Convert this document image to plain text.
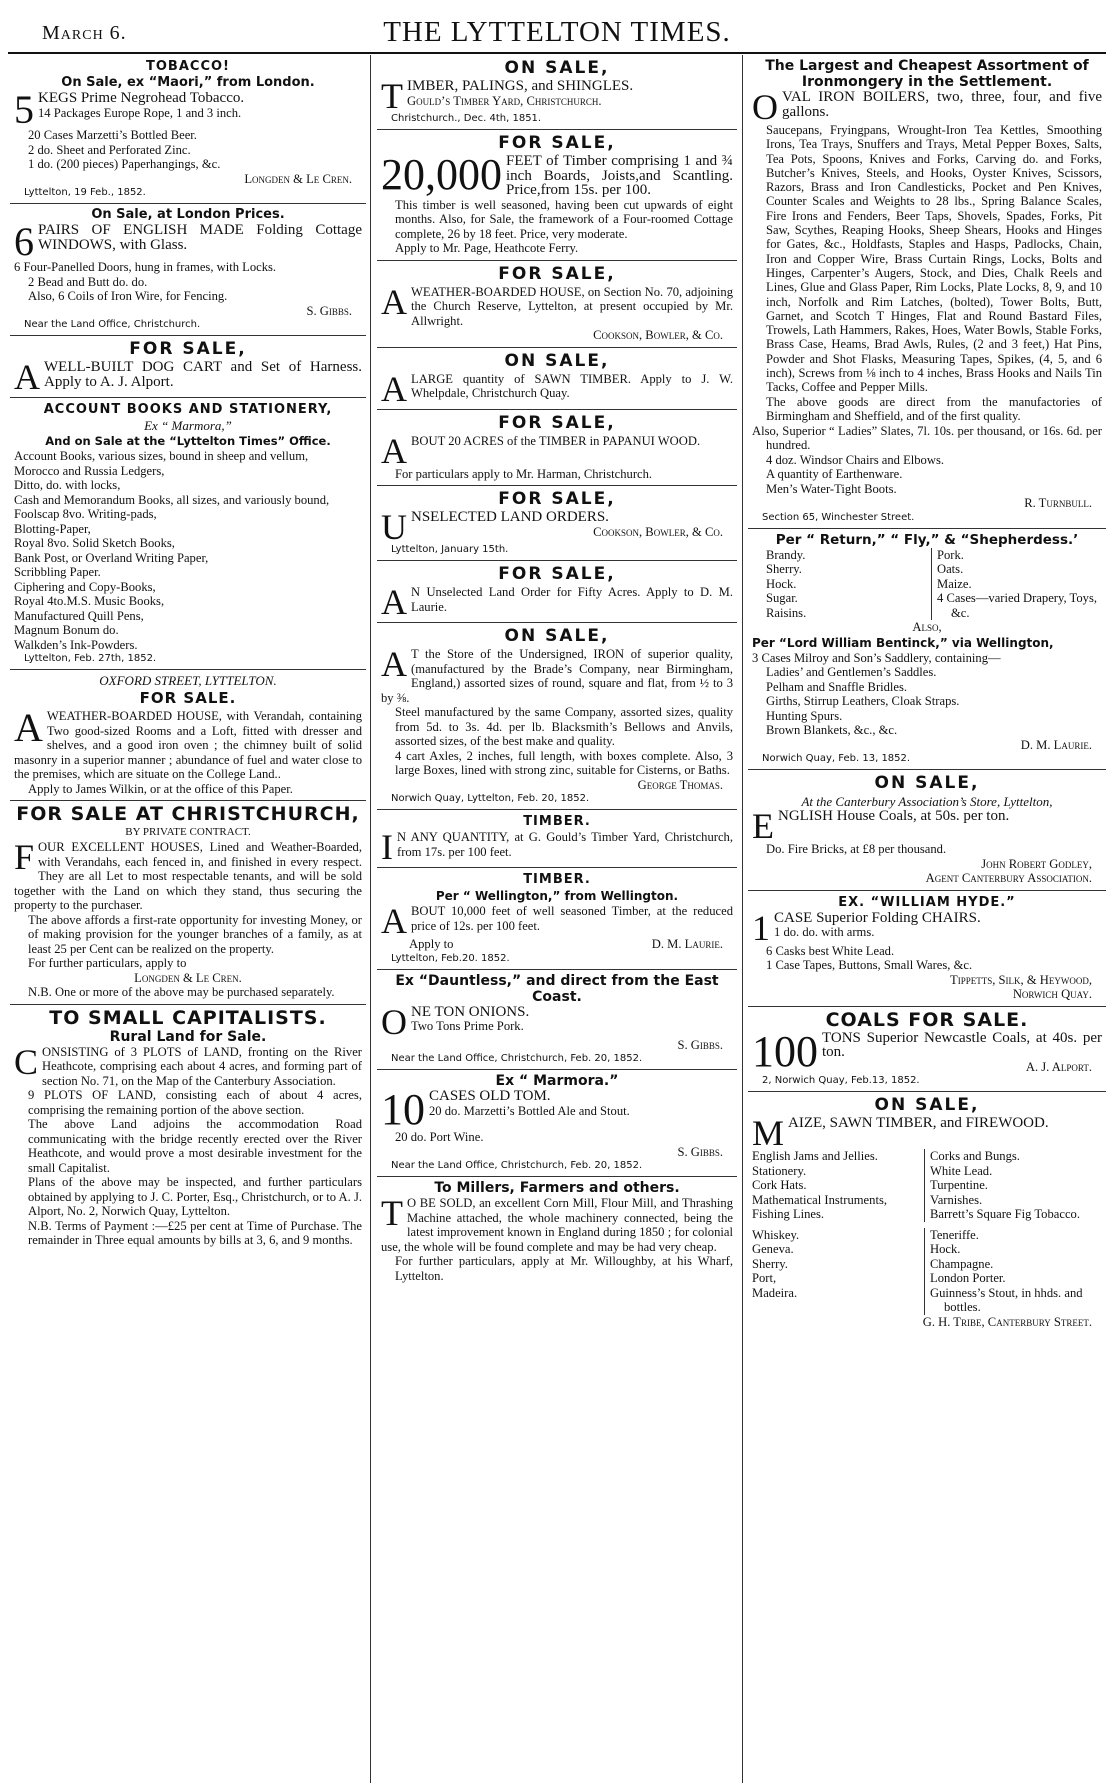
March 6.	THE LYTTELTON TIMES.
TOBACCO!
On Sale, ex “Maori,” from London.
5 KEGS Prime Negrohead Tobacco.
14 Packages Europe Rope, 1 and 3 inch.
20 Cases Marzetti’s Bottled Beer.
2 do. Sheet and Perforated Zinc.
1 do. (200 pieces) Paperhangings, &c.
Longden & Le Cren.
Lyttelton, 19 Feb., 1852.
On Sale, at London Prices.
6 PAIRS OF ENGLISH MADE Folding Cottage WINDOWS, with Glass.
6 Four-Panelled Doors, hung in frames, with Locks.
2 Bead and Butt do. do.
Also, 6 Coils of Iron Wire, for Fencing.
S. Gibbs.
Near the Land Office, Christchurch.
FOR SALE,
A WELL-BUILT DOG CART and Set of Harness. Apply to A. J. Alport.
ACCOUNT BOOKS AND STATIONERY,
Ex “ Marmora,”
And on Sale at the “Lyttelton Times” Office.
Account Books, various sizes, bound in sheep and vellum,
Morocco and Russia Ledgers,
Ditto, do. with locks,
Cash and Memorandum Books, all sizes, and variously bound,
Foolscap 8vo. Writing-pads,
Blotting-Paper,
Royal 8vo. Solid Sketch Books,
Bank Post, or Overland Writing Paper,
Scribbling Paper.
Ciphering and Copy-Books,
Royal 4to.M.S. Music Books,
Manufactured Quill Pens,
Magnum Bonum do.
Walkden’s Ink-Powders.
Lyttelton, Feb. 27th, 1852.
OXFORD STREET, LYTTELTON.
FOR SALE.
A WEATHER-BOARDED HOUSE, with Verandah, containing Two good-sized Rooms and a Loft, fitted with dresser and shelves, and a good iron oven ; the chimney built of solid masonry in a superior manner ; abundance of fuel and water close to the premises, which are situate on the College Land..
Apply to James Wilkin, or at the office of this Paper.
FOR SALE AT CHRISTCHURCH,
BY PRIVATE CONTRACT.
F OUR EXCELLENT HOUSES, Lined and Weather-Boarded, with Verandahs, each fenced in, and finished in every respect. They are all Let to most respectable tenants, and will be sold together with the Land on which they stand, thus securing the property to the purchaser.
The above affords a first-rate opportunity for investing Money, or of making provision for the younger branches of a family, as at least 25 per Cent can be realized on the property.
For further particulars, apply to
Longden & Le Cren.
N.B. One or more of the above may be purchased separately.
TO SMALL CAPITALISTS.
Rural Land for Sale.
C ONSISTING of 3 PLOTS of LAND, fronting on the River Heathcote, comprising each about 4 acres, and forming part of section No. 71, on the Map of the Canterbury Association.
9 PLOTS OF LAND, consisting each of about 4 acres, comprising the remaining portion of the above section.
The above Land adjoins the accommodation Road communicating with the bridge recently erected over the River Heathcote, and would prove a most desirable investment for the small Capitalist.
Plans of the above may be inspected, and further particulars obtained by applying to J. C. Porter, Esq., Christchurch, or to A. J. Alport, No. 2, Norwich Quay, Lyttelton.
N.B. Terms of Payment :—£25 per cent at Time of Purchase. The remainder in Three equal amounts by bills at 3, 6, and 9 months.
ON SALE,
T IMBER, PALINGS, and SHINGLES.
Gould’s Timber Yard, Christchurch.
Christchurch., Dec. 4th, 1851.
FOR SALE,
20,000 FEET of Timber comprising 1 and ¾ inch Boards, Joists,and Scantling. Price,from 15s. per 100.
This timber is well seasoned, having been cut upwards of eight months. Also, for Sale, the framework of a Four-roomed Cottage complete, 26 by 18 feet. Price, very moderate.
Apply to Mr. Page, Heathcote Ferry.
FOR SALE,
A WEATHER-BOARDED HOUSE, on Section No. 70, adjoining the Church Reserve, Lyttelton, at present occupied by Mr. Allwright.
Cookson, Bowler, & Co.
ON SALE,
A LARGE quantity of SAWN TIMBER. Apply to J. W. Whelpdale, Christchurch Quay.
FOR SALE,
A BOUT 20 ACRES of the TIMBER in PAPANUI WOOD.
For particulars apply to Mr. Harman, Christchurch.
FOR SALE,
U NSELECTED LAND ORDERS.
Cookson, Bowler, & Co.
Lyttelton, January 15th.
FOR SALE,
A N Unselected Land Order for Fifty Acres. Apply to D. M. Laurie.
ON SALE,
A T the Store of the Undersigned, IRON of superior quality, (manufactured by the Brade’s Company, near Birmingham, England,) assorted sizes of round, square and flat, from ½ to 3 by ⅜.
Steel manufactured by the same Company, assorted sizes, quality from 5d. to 3s. 4d. per lb. Blacksmith’s Bellows and Anvils, assorted sizes, of the best make and quality.
4 cart Axles, 2 inches, full length, with boxes complete. Also, 3 large Boxes, lined with strong zinc, suitable for Cisterns, or Baths.
George Thomas.
Norwich Quay, Lyttelton, Feb. 20, 1852.
TIMBER.
I N ANY QUANTITY, at G. Gould’s Timber Yard, Christchurch, from 17s. per 100 feet.
TIMBER.
Per “ Wellington,” from Wellington.
A BOUT 10,000 feet of well seasoned Timber, at the reduced price of 12s. per 100 feet.
Apply to	D. M. Laurie.
Lyttelton, Feb.20. 1852.
Ex “Dauntless,” and direct from the East Coast.
O NE TON ONIONS.
Two Tons Prime Pork.
S. Gibbs.
Near the Land Office, Christchurch, Feb. 20, 1852.
Ex “ Marmora.”
10 CASES OLD TOM.
20 do. Marzetti’s Bottled Ale and Stout.
20 do. Port Wine.
S. Gibbs.
Near the Land Office, Christchurch, Feb. 20, 1852.
To Millers, Farmers and others.
T O BE SOLD, an excellent Corn Mill, Flour Mill, and Thrashing Machine attached, the whole machinery connected, being the latest improvement known in England during 1850 ; for colonial use, the whole will be found complete and may be had very cheap.
For further particulars, apply at Mr. Willoughby, at his Wharf, Lyttelton.
The Largest and Cheapest Assortment of Ironmongery in the Settlement.
O VAL IRON BOILERS, two, three, four, and five gallons.
Saucepans, Fryingpans, Wrought-Iron Tea Kettles, Smoothing Irons, Tea Trays, Snuffers and Trays, Metal Pepper Boxes, Salts, Tea Pots, Spoons, Knives and Forks, Carving do. and Forks, Butcher’s Knives, Steels, and Hooks, Oyster Knives, Scissors, Razors, Brass and Iron Candlesticks, Pocket and Pen Knives, Counter Scales and Weights to 28 lbs., Spring Balance Scales, Fire Irons and Fenders, Beer Taps, Shovels, Spades, Forks, Pit Saw, Scythes, Reaping Hooks, Sheep Shears, Hooks and Hinges for Gates, &c., Holdfasts, Staples and Hasps, Padlocks, Chain, Iron and Copper Wire, Brass Curtain Rings, Locks, Bolts and Hinges, Carpenter’s Augers, Stock, and Dies, Chalk Reels and Lines, Glue and Glass Paper, Rim Locks, Plate Locks, 8, 9, and 10 inch, Norfolk and Rim Latches, (bolted), Tower Bolts, Butt, Garnet, and Scotch T Hinges, Flat and Round Bastard Files, Trowels, Lath Hammers, Rakes, Hoes, Water Bowls, Stable Forks, Brass Case, Heams, Brad Awls, Rules, (2 and 3 feet,) Hat Pins, Powder and Shot Flasks, Measuring Tapes, Spikes, (4, 5, and 6 inch), Screws from ⅛ inch to 4 inches, Brass Hooks and Nails Tin Tacks, Coffee and Pepper Mills.
The above goods are direct from the manufactories of Birmingham and Sheffield, and of the first quality.
Also, Superior “ Ladies” Slates, 7l. 10s. per thousand, or 16s. 6d. per hundred.
4 doz. Windsor Chairs and Elbows.
A quantity of Earthenware.
Men’s Water-Tight Boots.
R. Turnbull.
Section 65, Winchester Street.
Per “ Return,” “ Fly,” & “Shepherdess.’
Brandy.
Sherry.
Hock.
Sugar.
Raisins.
Pork.
Oats.
Maize.
4 Cases—varied Drapery, Toys, &c.
Also,
Per “Lord William Bentinck,” via Wellington,
3 Cases Milroy and Son’s Saddlery, containing—
Ladies’ and Gentlemen’s Saddles.
Pelham and Snaffle Bridles.
Girths, Stirrup Leathers, Cloak Straps.
Hunting Spurs.
Brown Blankets, &c., &c.
D. M. Laurie.
Norwich Quay, Feb. 13, 1852.
ON SALE,
At the Canterbury Association’s Store, Lyttelton,
E NGLISH House Coals, at 50s. per ton.
Do. Fire Bricks, at £8 per thousand.
John Robert Godley,
Agent Canterbury Association.
EX. “WILLIAM HYDE.”
1 CASE Superior Folding CHAIRS.
1 do. do. with arms.
6 Casks best White Lead.
1 Case Tapes, Buttons, Small Wares, &c.
Tippetts, Silk, & Heywood,
Norwich Quay.
COALS FOR SALE.
100 TONS Superior Newcastle Coals, at 40s. per ton.
A. J. Alport.
2, Norwich Quay, Feb.13, 1852.
ON SALE,
M AIZE, SAWN TIMBER, and FIREWOOD.
English Jams and Jellies.
Stationery.
Cork Hats.
Mathematical Instruments,
Fishing Lines.
Corks and Bungs.
White Lead.
Turpentine.
Varnishes.
Barrett’s Square Fig Tobacco.
Whiskey.
Geneva.
Sherry.
Port,
Madeira.
Teneriffe.
Hock.
Champagne.
London Porter.
Guinness’s Stout, in hhds. and bottles.
G. H. Tribe, Canterbury Street.
